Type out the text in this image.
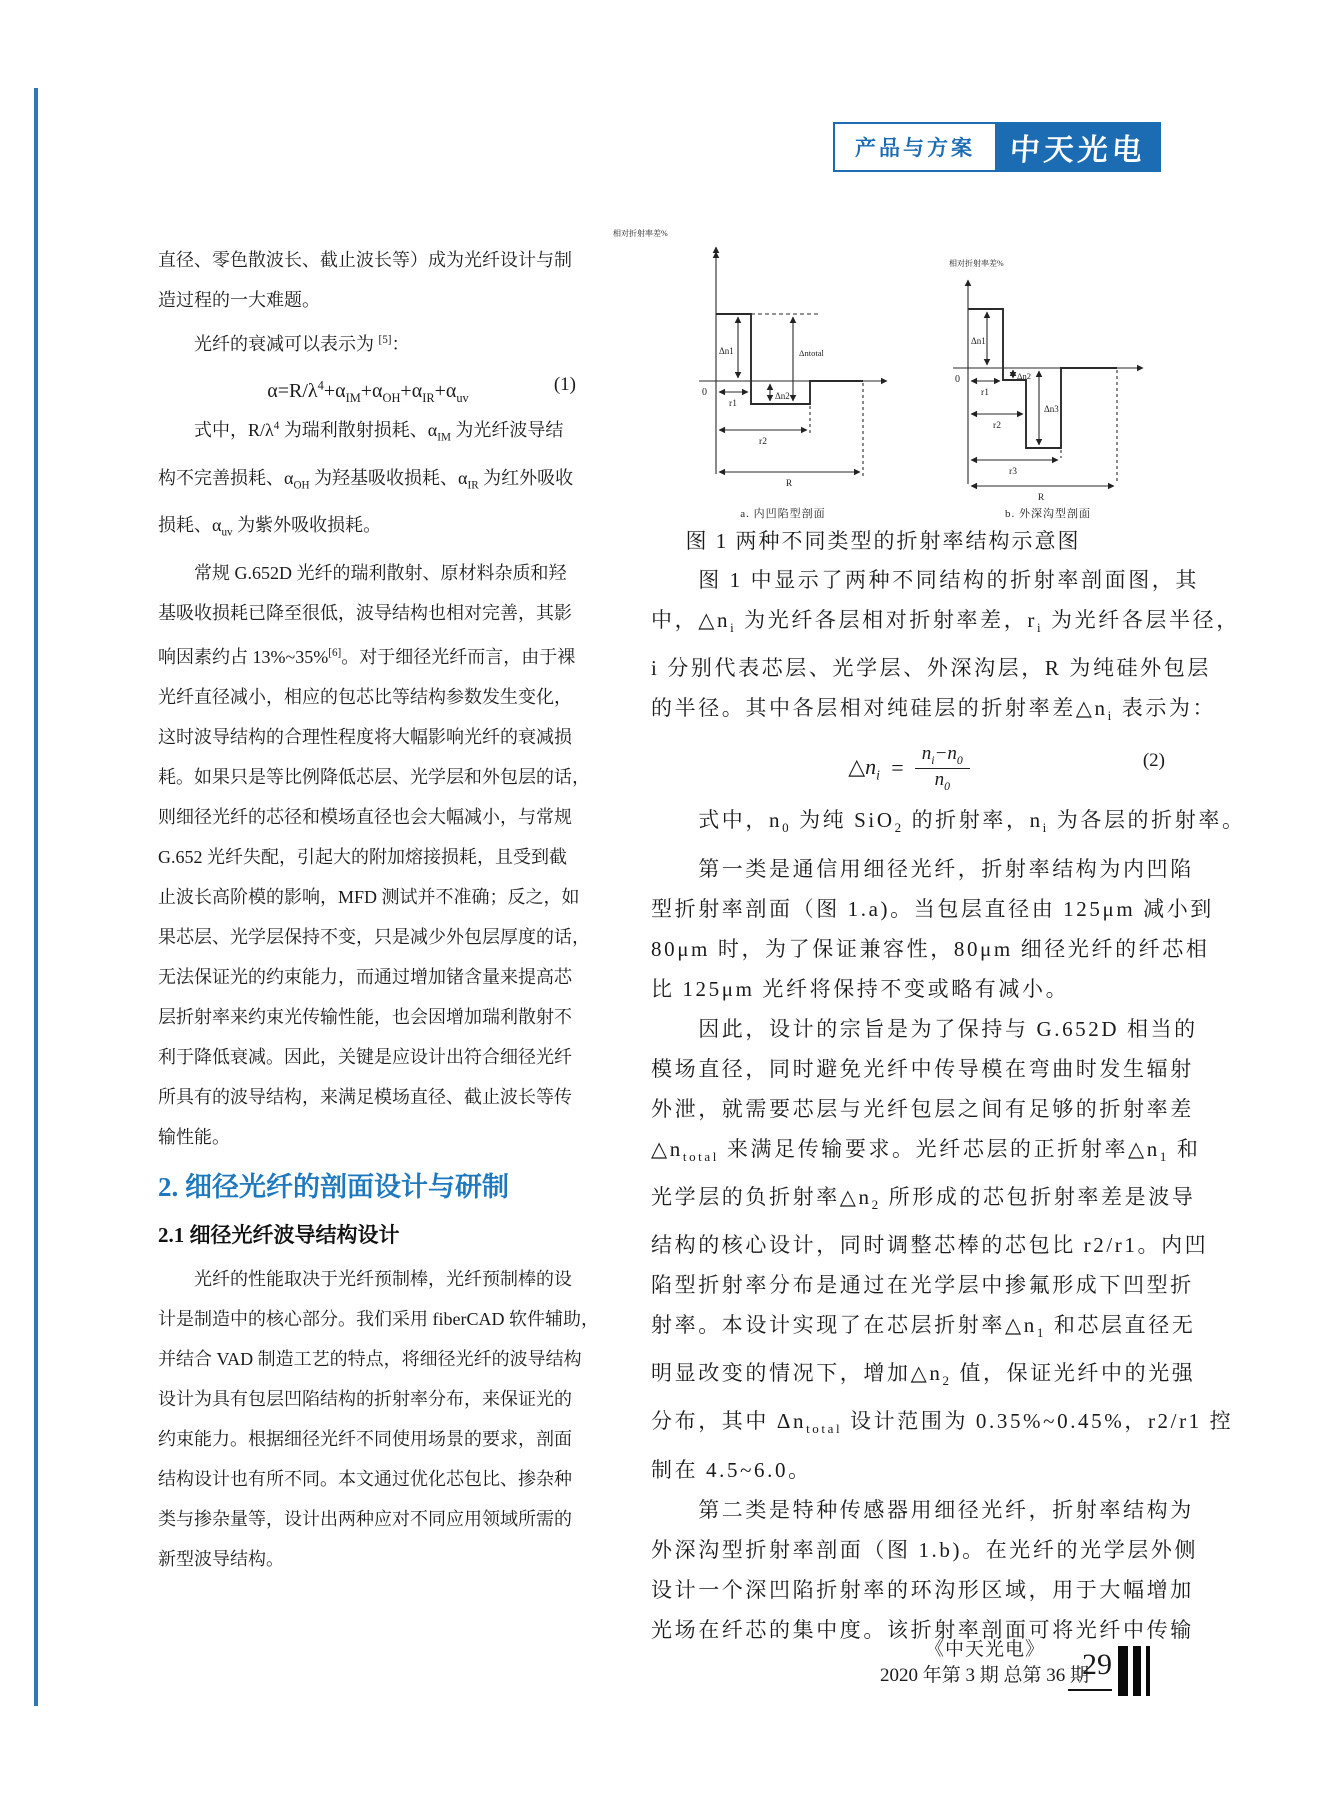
产品与方案 中天光电
直径、零色散波长、截止波长等）成为光纤设计与制
造过程的一大难题。
　　光纤的衰减可以表示为 [5]：
$\alpha=R/\lambda^4+\alpha_{IM}+\alpha_{OH}+\alpha_{IR}+\alpha_{uv}$
(1)
　　式中，$R/\lambda^4$ 为瑞利散射损耗、$\alpha_{IM}$ 为光纤波导结
构不完善损耗、$\alpha_{OH}$ 为羟基吸收损耗、$\alpha_{IR}$ 为红外吸收
损耗、$\alpha_{uv}$ 为紫外吸收损耗。
　　常规 G.652D 光纤的瑞利散射、原材料杂质和羟
基吸收损耗已降至很低，波导结构也相对完善，其影
响因素约占 13%~35%[6]。对于细径光纤而言，由于裸
光纤直径减小，相应的包芯比等结构参数发生变化，
这时波导结构的合理性程度将大幅影响光纤的衰减损
耗。如果只是等比例降低芯层、光学层和外包层的话，
则细径光纤的芯径和模场直径也会大幅减小，与常规
G.652 光纤失配，引起大的附加熔接损耗，且受到截
止波长高阶模的影响，MFD 测试并不准确；反之，如
果芯层、光学层保持不变，只是减少外包层厚度的话，
无法保证光的约束能力，而通过增加锗含量来提高芯
层折射率来约束光传输性能，也会因增加瑞利散射不
利于降低衰减。因此，关键是应设计出符合细径光纤
所具有的波导结构，来满足模场直径、截止波长等传
输性能。
2. 细径光纤的剖面设计与研制
2.1 细径光纤波导结构设计
　　光纤的性能取决于光纤预制棒，光纤预制棒的设
计是制造中的核心部分。我们采用 fiberCAD 软件辅助，
并结合 VAD 制造工艺的特点，将细径光纤的波导结构
设计为具有包层凹陷结构的折射率分布，来保证光的
约束能力。根据细径光纤不同使用场景的要求，剖面
结构设计也有所不同。本文通过优化芯包比、掺杂种
类与掺杂量等，设计出两种应对不同应用领域所需的
新型波导结构。
相对折射率差%
0
Δn1
Δn2
Δntotal
r1
r2
R
a. 内凹陷型剖面
相对折射率差%
0
Δn1
Δn2
Δn3
r1
r2
r3
R
b. 外深沟型剖面
图 1 两种不同类型的折射率结构示意图
　　图 1 中显示了两种不同结构的折射率剖面图，其
中，$\triangle n_i$ 为光纤各层相对折射率差，$r_i$ 为光纤各层半径，
i 分别代表芯层、光学层、外深沟层，R 为纯硅外包层
的半径。其中各层相对纯硅层的折射率差$\triangle n_i$ 表示为：
$\triangle n_i = \frac{n_i-n_0}{n_0}$	(2)
　　式中，$n_0$ 为纯 SiO$_2$ 的折射率，$n_i$ 为各层的折射率。
　　第一类是通信用细径光纤，折射率结构为内凹陷
型折射率剖面（图 1.a)。当包层直径由 125μm 减小到
80μm 时，为了保证兼容性，80μm 细径光纤的纤芯相
比 125μm 光纤将保持不变或略有减小。
　　因此，设计的宗旨是为了保持与 G.652D 相当的
模场直径，同时避免光纤中传导模在弯曲时发生辐射
外泄，就需要芯层与光纤包层之间有足够的折射率差
$\triangle n_{total}$ 来满足传输要求。光纤芯层的正折射率$\triangle n_1$ 和
光学层的负折射率$\triangle n_2$ 所形成的芯包折射率差是波导
结构的核心设计，同时调整芯棒的芯包比 r2/r1。内凹
陷型折射率分布是通过在光学层中掺氟形成下凹型折
射率。本设计实现了在芯层折射率$\triangle n_1$ 和芯层直径无
明显改变的情况下，增加$\triangle n_2$ 值，保证光纤中的光强
分布，其中 $\Delta n_{total}$ 设计范围为 0.35%~0.45%，r2/r1 控
制在 4.5~6.0。
　　第二类是特种传感器用细径光纤，折射率结构为
外深沟型折射率剖面（图 1.b)。在光纤的光学层外侧
设计一个深凹陷折射率的环沟形区域，用于大幅增加
光场在纤芯的集中度。该折射率剖面可将光纤中传输
《中天光电》
2020 年第 3 期 总第 36 期
29
